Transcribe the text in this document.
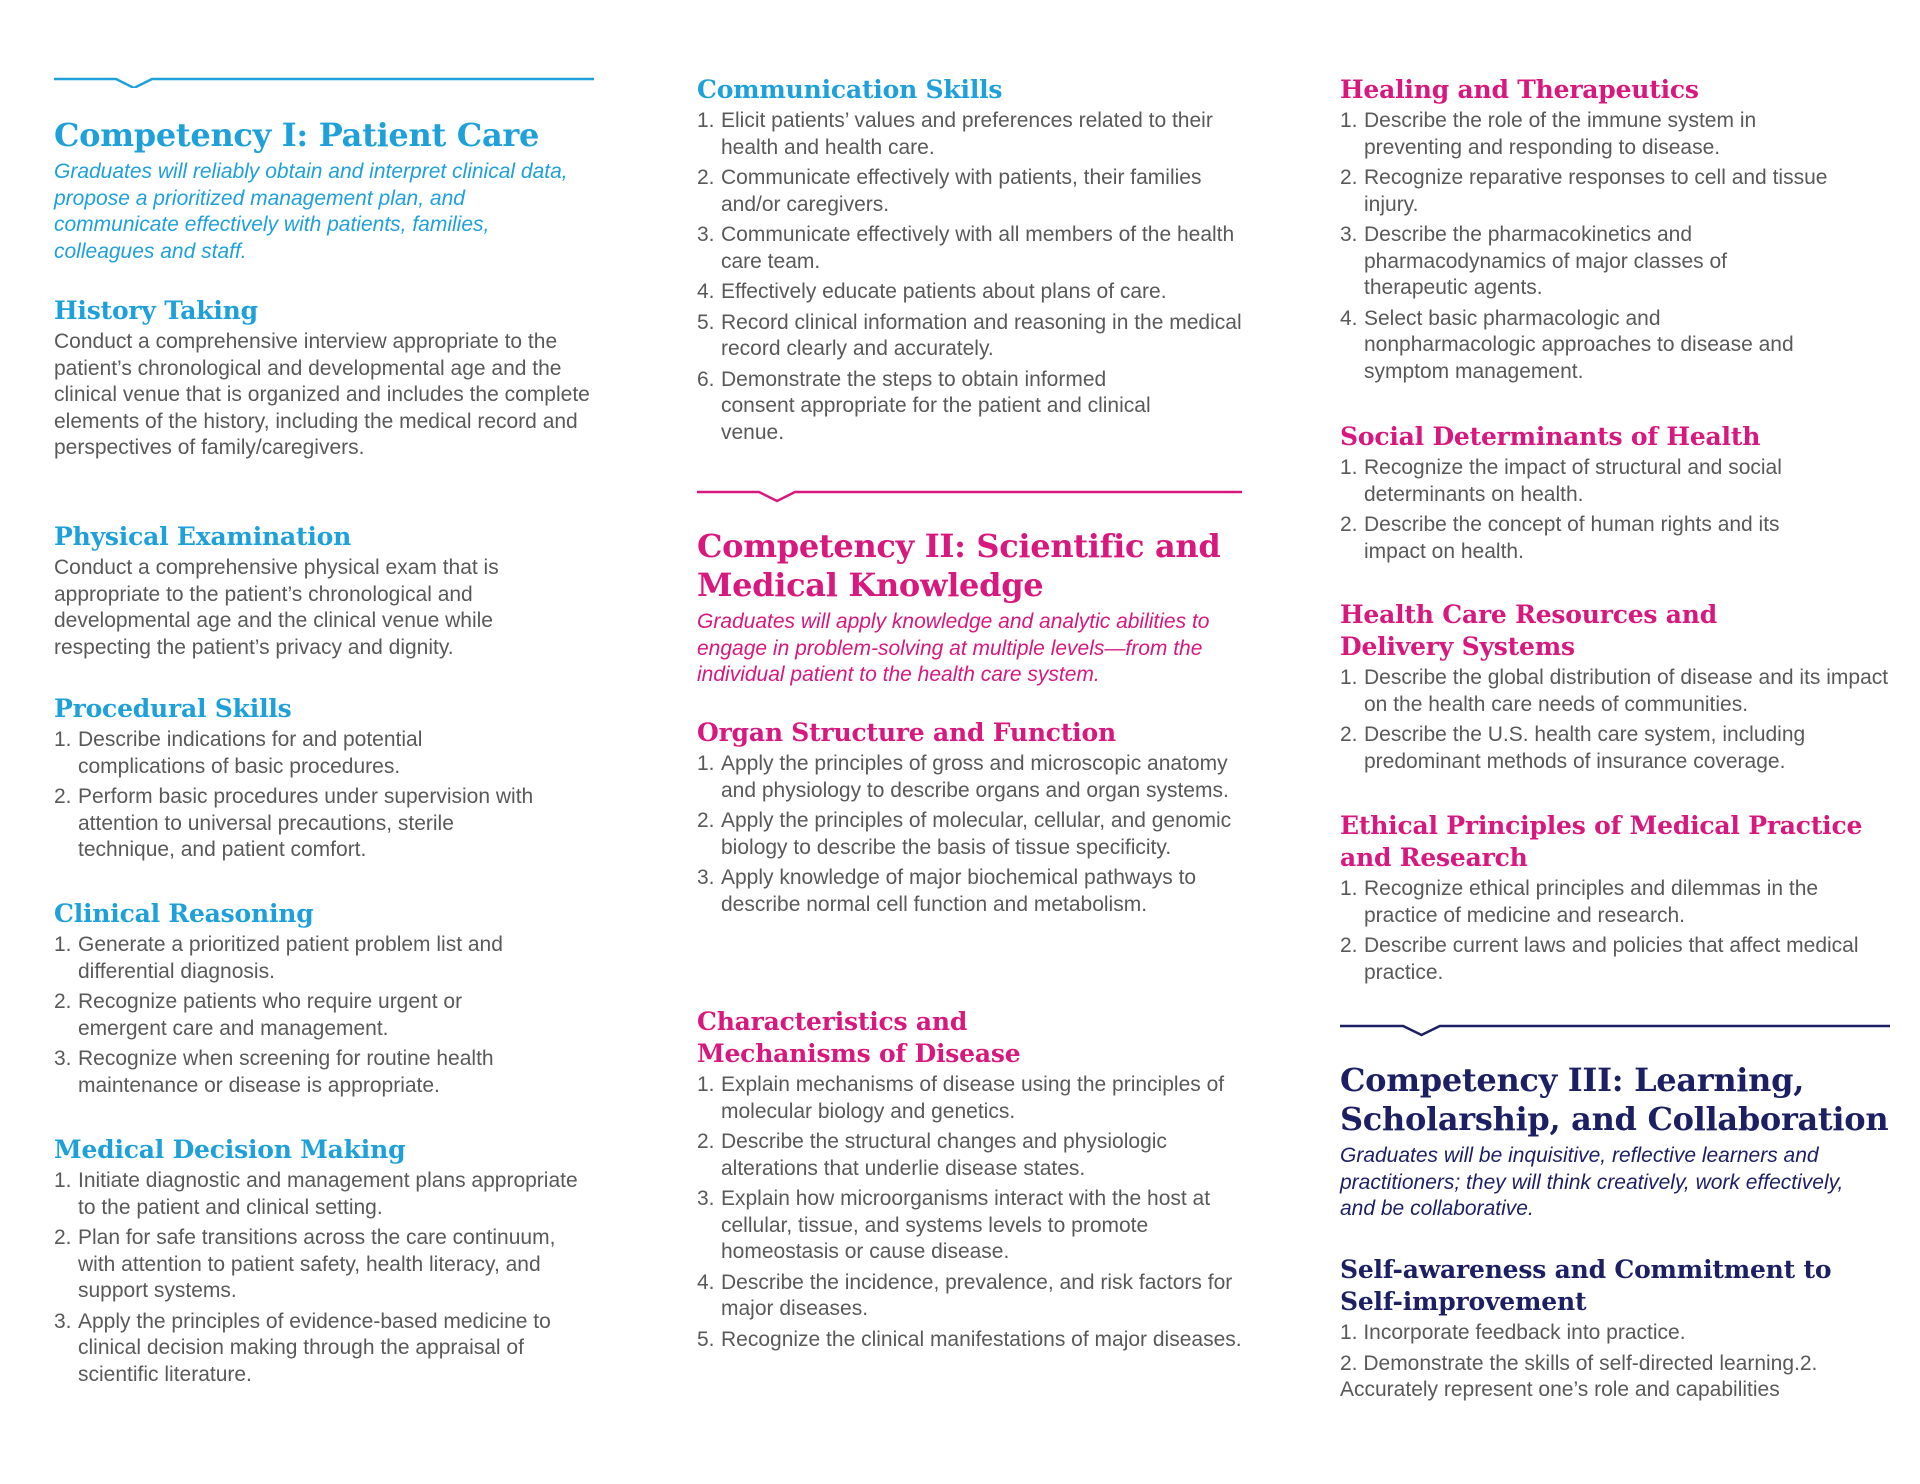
Competency I: Patient Care

Graduates will reliably obtain and interpret clinical data, propose a prioritized management plan, and communicate effectively with patients, families, colleagues and staff.

History Taking

Conduct a comprehensive interview appropriate to the patient’s chronological and developmental age and the clinical venue that is organized and includes the complete elements of the history, including the medical record and perspectives of family/caregivers.

Physical Examination

Conduct a comprehensive physical exam that is appropriate to the patient’s chronological and developmental age and the clinical venue while respecting the patient’s privacy and dignity.

Procedural Skills
1. Describe indications for and potential complications of basic procedures.
2. Perform basic procedures under supervision with attention to universal precautions, sterile technique, and patient comfort.
Clinical Reasoning
1. Generate a prioritized patient problem list and differential diagnosis.
2. Recognize patients who require urgent or emergent care and management.
3. Recognize when screening for routine health maintenance or disease is appropriate.
Medical Decision Making
1. Initiate diagnostic and management plans appropriate to the patient and clinical setting.
2. Plan for safe transitions across the care continuum, with attention to patient safety, health literacy, and support systems.
3. Apply the principles of evidence-based medicine to clinical decision making through the appraisal of scientific literature.
Communication Skills
1. Elicit patients’ values and preferences related to their health and health care.
2. Communicate effectively with patients, their families and/or caregivers.
3. Communicate effectively with all members of the health care team.
4. Effectively educate patients about plans of care.
5. Record clinical information and reasoning in the medical record clearly and accurately.
6. Demonstrate the steps to obtain informed consent appropriate for the patient and clinical venue.
Competency II: Scientific and Medical Knowledge

Graduates will apply knowledge and analytic abilities to engage in problem-solving at multiple levels—from the individual patient to the health care system.

Organ Structure and Function
1. Apply the principles of gross and microscopic anatomy and physiology to describe organs and organ systems.
2. Apply the principles of molecular, cellular, and genomic biology to describe the basis of tissue specificity.
3. Apply knowledge of major biochemical pathways to describe normal cell function and metabolism.
Characteristics and Mechanisms of Disease
1. Explain mechanisms of disease using the principles of molecular biology and genetics.
2. Describe the structural changes and physiologic alterations that underlie disease states.
3. Explain how microorganisms interact with the host at cellular, tissue, and systems levels to promote homeostasis or cause disease.
4. Describe the incidence, prevalence, and risk factors for major diseases.
5. Recognize the clinical manifestations of major diseases.
Healing and Therapeutics
1. Describe the role of the immune system in preventing and responding to disease.
2. Recognize reparative responses to cell and tissue injury.
3. Describe the pharmacokinetics and pharmacodynamics of major classes of therapeutic agents.
4. Select basic pharmacologic and nonpharmacologic approaches to disease and symptom management.
Social Determinants of Health
1. Recognize the impact of structural and social determinants on health.
2. Describe the concept of human rights and its impact on health.
Health Care Resources and Delivery Systems
1. Describe the global distribution of disease and its impact on the health care needs of communities.
2. Describe the U.S. health care system, including predominant methods of insurance coverage.
Ethical Principles of Medical Practice and Research
1. Recognize ethical principles and dilemmas in the practice of medicine and research.
2. Describe current laws and policies that affect medical practice.
Competency III: Learning, Scholarship, and Collaboration

Graduates will be inquisitive, reflective learners and practitioners; they will think creatively, work effectively, and be collaborative.

Self-awareness and Commitment to Self-improvement

1. Incorporate feedback into practice.

2. Demonstrate the skills of self-directed learning.2. Accurately represent one’s role and capabilities
